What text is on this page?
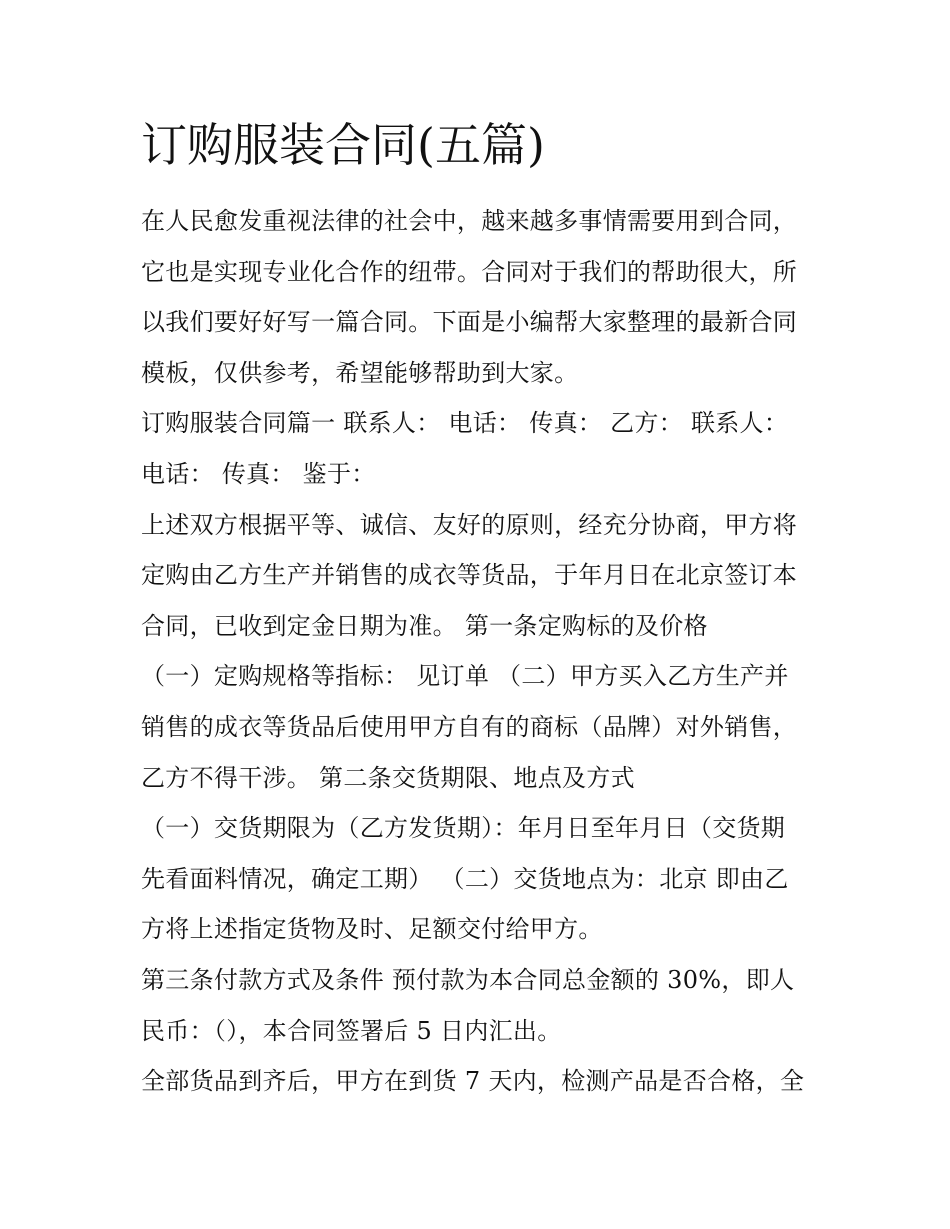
订购服装合同(五篇)

在人民愈发重视法律的社会中，越来越多事情需要用到合同，
它也是实现专业化合作的纽带。合同对于我们的帮助很大，所
以我们要好好写一篇合同。下面是小编帮大家整理的最新合同
模板，仅供参考，希望能够帮助到大家。

订购服装合同篇一 联系人： 电话： 传真： 乙方： 联系人：
电话： 传真： 鉴于：

上述双方根据平等、诚信、友好的原则，经充分协商，甲方将
定购由乙方生产并销售的成衣等货品，于年月日在北京签订本
合同，已收到定金日期为准。 第一条定购标的及价格

（一）定购规格等指标： 见订单 （二）甲方买入乙方生产并
销售的成衣等货品后使用甲方自有的商标（品牌）对外销售，
乙方不得干涉。 第二条交货期限、地点及方式

（一）交货期限为（乙方发货期）：年月日至年月日（交货期
先看面料情况，确定工期） （二）交货地点为：北京 即由乙
方将上述指定货物及时、足额交付给甲方。

第三条付款方式及条件 预付款为本合同总金额的 30%，即人
民币：（），本合同签署后 5 日内汇出。

全部货品到齐后，甲方在到货 7 天内，检测产品是否合格，全
